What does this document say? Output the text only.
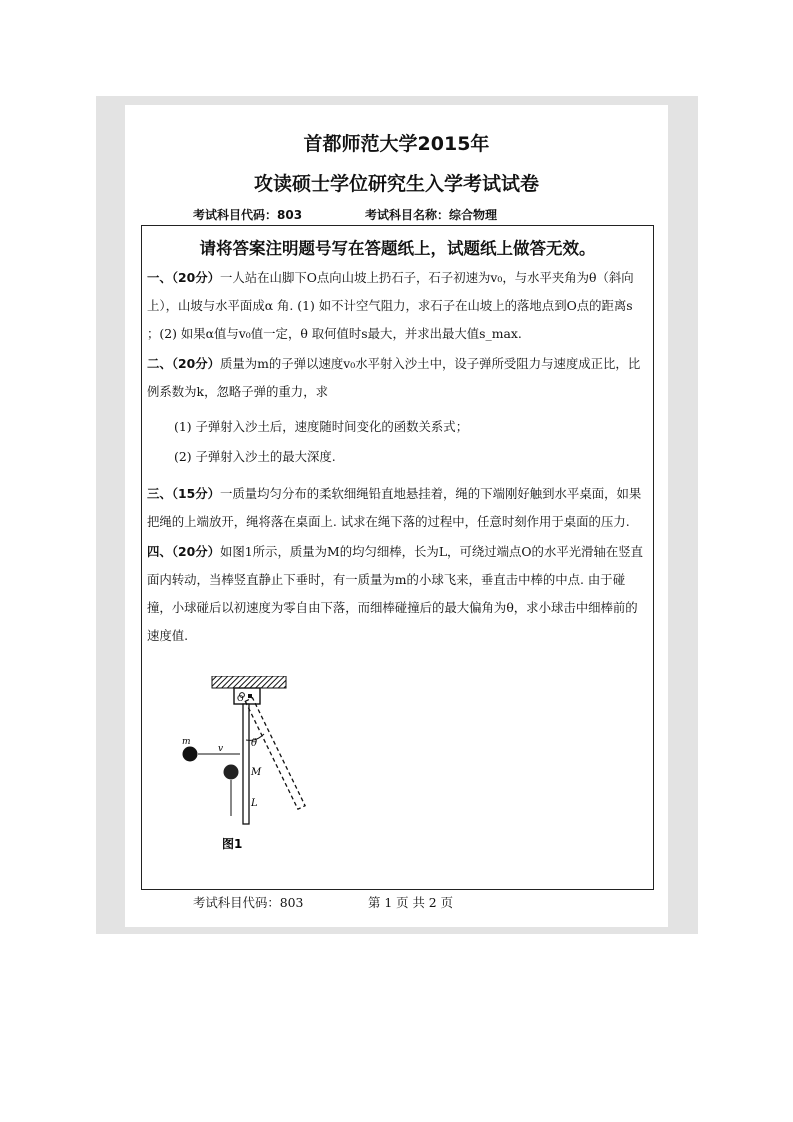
首都师范大学2015年
攻读硕士学位研究生入学考试试卷
考试科目代码：803	考试科目名称：综合物理
请将答案注明题号写在答题纸上，试题纸上做答无效。

一、（20分）一人站在山脚下O点向山坡上扔石子，石子初速为v₀，与水平夹角为θ（斜向上），山坡与水平面成α 角. (1) 如不计空气阻力，求石子在山坡上的落地点到O点的距离s ；(2) 如果α值与v₀值一定，θ 取何值时s最大，并求出最大值s_max.

二、（20分）质量为m的子弹以速度v₀水平射入沙土中，设子弹所受阻力与速度成正比，比例系数为k，忽略子弹的重力，求

(1) 子弹射入沙土后，速度随时间变化的函数关系式；

(2) 子弹射入沙土的最大深度.

三、（15分）一质量均匀分布的柔软细绳铅直地悬挂着，绳的下端刚好触到水平桌面，如果把绳的上端放开，绳将落在桌面上. 试求在绳下落的过程中，任意时刻作用于桌面的压力.

四、（20分）如图1所示，质量为M的均匀细棒，长为L，可绕过端点O的水平光滑轴在竖直面内转动，当棒竖直静止下垂时，有一质量为m的小球飞来，垂直击中棒的中点. 由于碰撞，小球碰后以初速度为零自由下落，而细棒碰撞后的最大偏角为θ，求小球击中细棒前的速度值.

O
θ
m
v
M
L
图1
考试科目代码：803	第 1 页 共 2 页
